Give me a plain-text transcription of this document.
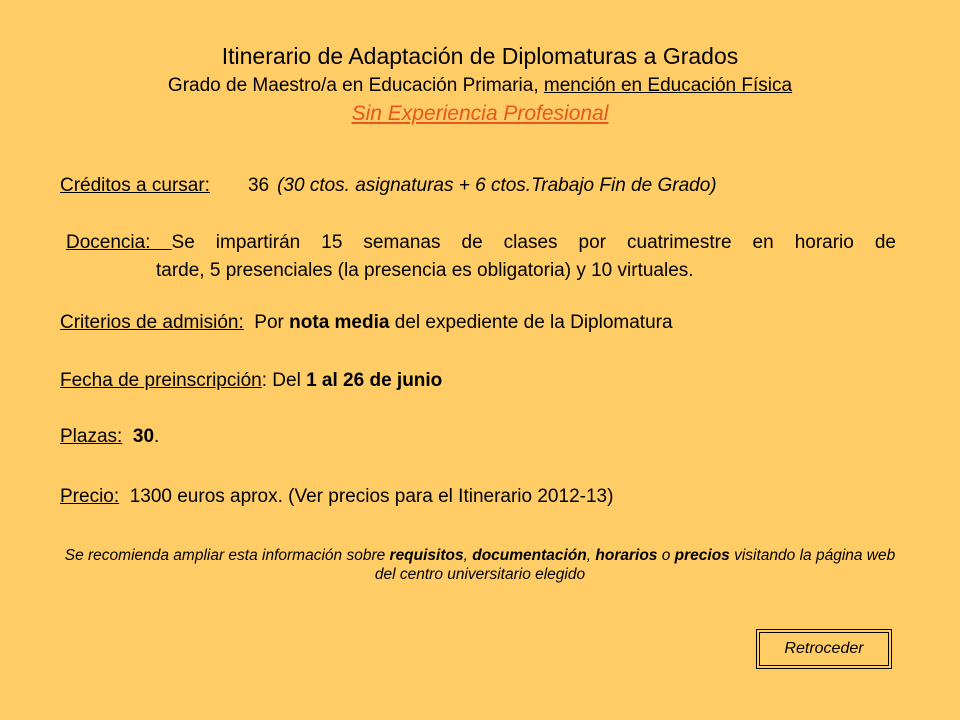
Itinerario de Adaptación de Diplomaturas a Grados
Grado de Maestro/a en Educación Primaria, mención en Educación Física
Sin Experiencia Profesional
Créditos a cursar: 36 (30 ctos. asignaturas + 6 ctos.Trabajo Fin de Grado)
Docencia: Se impartirán 15 semanas de clases por cuatrimestre en horario de
tarde, 5 presenciales (la presencia es obligatoria) y 10 virtuales.
Criterios de admisión:  Por nota media del expediente de la Diplomatura
Fecha de preinscripción: Del 1 al 26 de junio
Plazas: 30.
Precio:  1300 euros aprox. (Ver precios para el Itinerario 2012-13)
Se recomienda ampliar esta información sobre requisitos, documentación, horarios o precios visitando la página web del centro universitario elegido
Retroceder
